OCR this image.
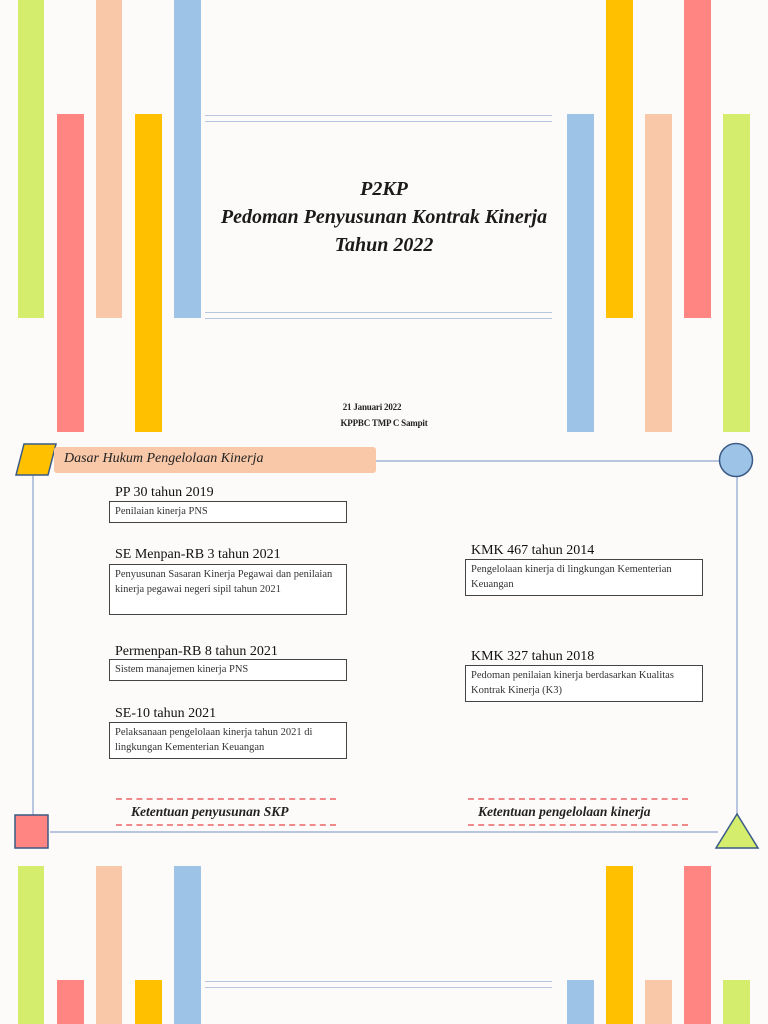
P2KP
Pedoman Penyusunan Kontrak Kinerja
Tahun 2022
21 Januari 2022
KPPBC TMP C Sampit
Dasar Hukum Pengelolaan Kinerja
PP 30 tahun 2019
Penilaian kinerja PNS
SE Menpan-RB 3 tahun 2021
Penyusunan Sasaran Kinerja Pegawai dan penilaian kinerja pegawai negeri sipil tahun 2021
Permenpan-RB 8 tahun 2021
Sistem manajemen kinerja PNS
SE-10 tahun 2021
Pelaksanaan pengelolaan kinerja tahun 2021 di lingkungan Kementerian Keuangan
KMK 467 tahun 2014
Pengelolaan kinerja di lingkungan Kementerian Keuangan
KMK 327 tahun 2018
Pedoman penilaian kinerja berdasarkan Kualitas Kontrak Kinerja (K3)
Ketentuan penyusunan SKP	Ketentuan pengelolaan kinerja
